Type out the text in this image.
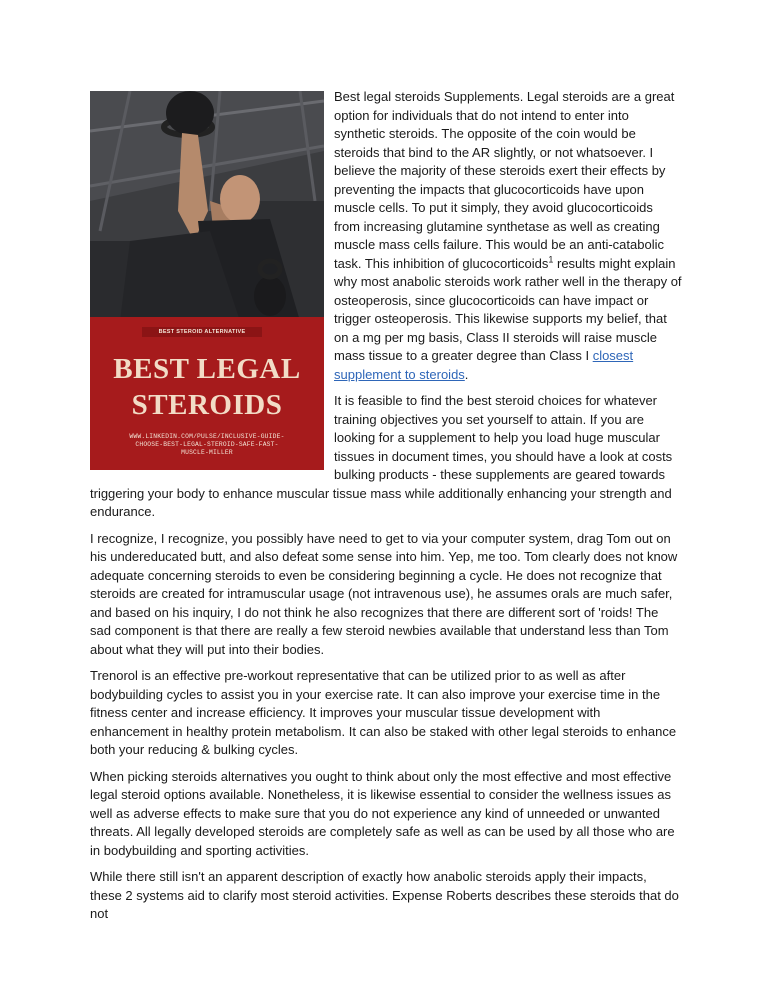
BEST STEROID ALTERNATIVE
BEST LEGAL
STEROIDS
WWW.LINKEDIN.COM/PULSE/INCLUSIVE-GUIDE-
CHOOSE-BEST-LEGAL-STEROID-SAFE-FAST-
MUSCLE-MILLER

Best legal steroids Supplements. Legal steroids are a great option for individuals that do not intend to enter into synthetic steroids. The opposite of the coin would be steroids that bind to the AR slightly, or not whatsoever. I believe the majority of these steroids exert their effects by preventing the impacts that glucocorticoids have upon muscle cells. To put it simply, they avoid glucocorticoids from increasing glutamine synthetase as well as creating muscle mass cells failure. This would be an anti-catabolic task. This inhibition of glucocorticoids$^1$ results might explain why most anabolic steroids work rather well in the therapy of osteoperosis, since glucocorticoids can have impact or trigger osteoperosis. This likewise supports my belief, that on a mg per mg basis, Class II steroids will raise muscle mass tissue to a greater degree than Class I closest supplement to steroids.

It is feasible to find the best steroid choices for whatever training objectives you set yourself to attain. If you are looking for a supplement to help you load huge muscular tissues in document times, you should have a look at costs bulking products - these supplements are geared towards triggering your body to enhance muscular tissue mass while additionally enhancing your strength and endurance.

I recognize, I recognize, you possibly have need to get to via your computer system, drag Tom out on his undereducated butt, and also defeat some sense into him. Yep, me too. Tom clearly does not know adequate concerning steroids to even be considering beginning a cycle. He does not recognize that steroids are created for intramuscular usage (not intravenous use), he assumes orals are much safer, and based on his inquiry, I do not think he also recognizes that there are different sort of 'roids! The sad component is that there are really a few steroid newbies available that understand less than Tom about what they will put into their bodies.

Trenorol is an effective pre-workout representative that can be utilized prior to as well as after bodybuilding cycles to assist you in your exercise rate. It can also improve your exercise time in the fitness center and increase efficiency. It improves your muscular tissue development with enhancement in healthy protein metabolism. It can also be staked with other legal steroids to enhance both your reducing & bulking cycles.

When picking steroids alternatives you ought to think about only the most effective and most effective legal steroid options available. Nonetheless, it is likewise essential to consider the wellness issues as well as adverse effects to make sure that you do not experience any kind of unneeded or unwanted threats. All legally developed steroids are completely safe as well as can be used by all those who are in bodybuilding and sporting activities.

While there still isn't an apparent description of exactly how anabolic steroids apply their impacts, these 2 systems aid to clarify most steroid activities. Expense Roberts describes these steroids that do not
